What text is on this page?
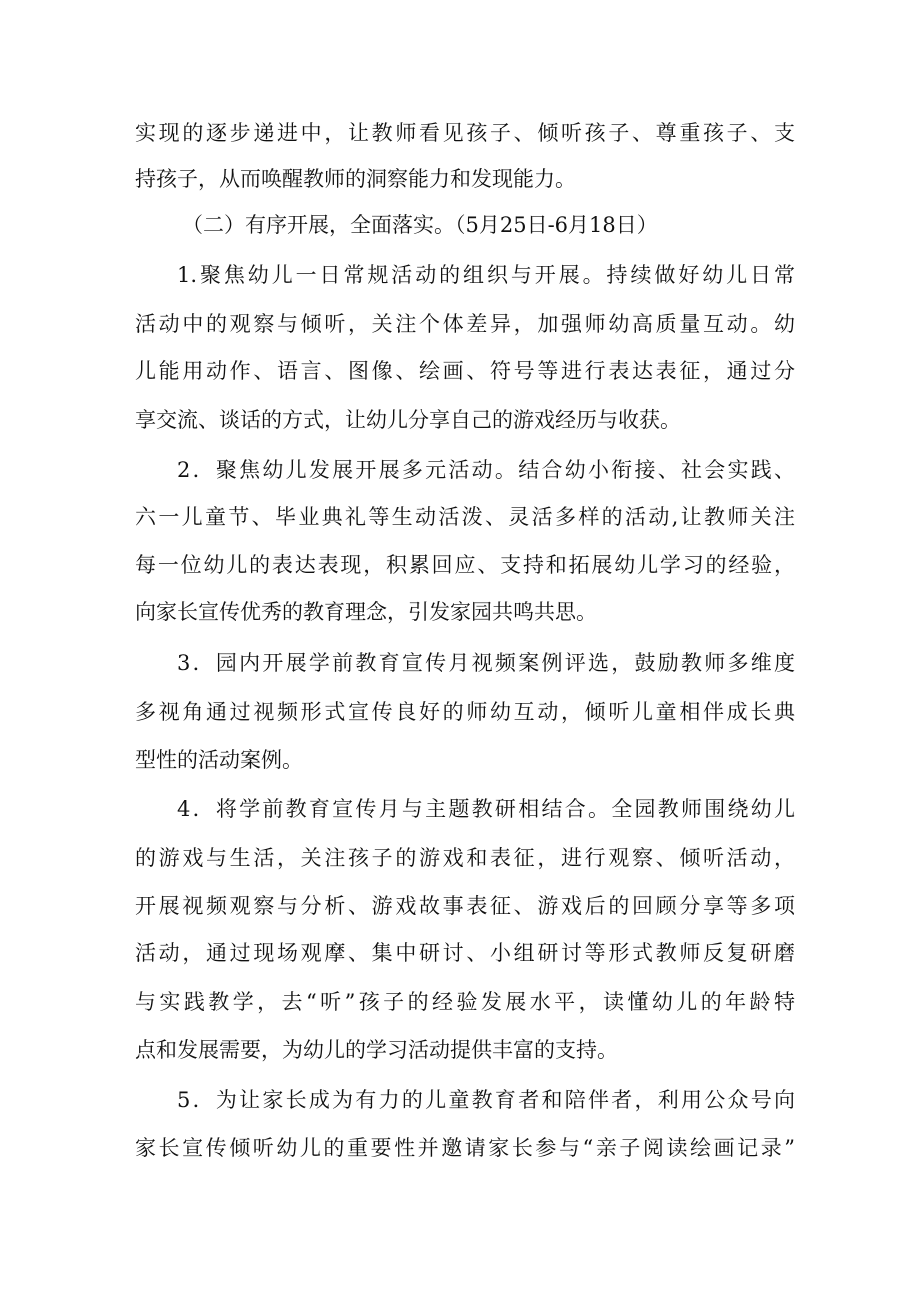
实现的逐步递进中，让教师看见孩子、倾听孩子、尊重孩子、支
持孩子，从而唤醒教师的洞察能力和发现能力。
（二）有序开展，全面落实。（5月25日-6月18日）
1.聚焦幼儿一日常规活动的组织与开展。持续做好幼儿日常
活动中的观察与倾听，关注个体差异，加强师幼高质量互动。幼
儿能用动作、语言、图像、绘画、符号等进行表达表征，通过分
享交流、谈话的方式，让幼儿分享自己的游戏经历与收获。
2．聚焦幼儿发展开展多元活动。结合幼小衔接、社会实践、
六一儿童节、毕业典礼等生动活泼、灵活多样的活动,让教师关注
每一位幼儿的表达表现，积累回应、支持和拓展幼儿学习的经验，
向家长宣传优秀的教育理念，引发家园共鸣共思。
3．园内开展学前教育宣传月视频案例评选，鼓励教师多维度
多视角通过视频形式宣传良好的师幼互动，倾听儿童相伴成长典
型性的活动案例。
4．将学前教育宣传月与主题教研相结合。全园教师围绕幼儿
的游戏与生活，关注孩子的游戏和表征，进行观察、倾听活动，
开展视频观察与分析、游戏故事表征、游戏后的回顾分享等多项
活动，通过现场观摩、集中研讨、小组研讨等形式教师反复研磨
与实践教学，去“听”孩子的经验发展水平，读懂幼儿的年龄特
点和发展需要，为幼儿的学习活动提供丰富的支持。
5．为让家长成为有力的儿童教育者和陪伴者，利用公众号向
家长宣传倾听幼儿的重要性并邀请家长参与“亲子阅读绘画记录”
